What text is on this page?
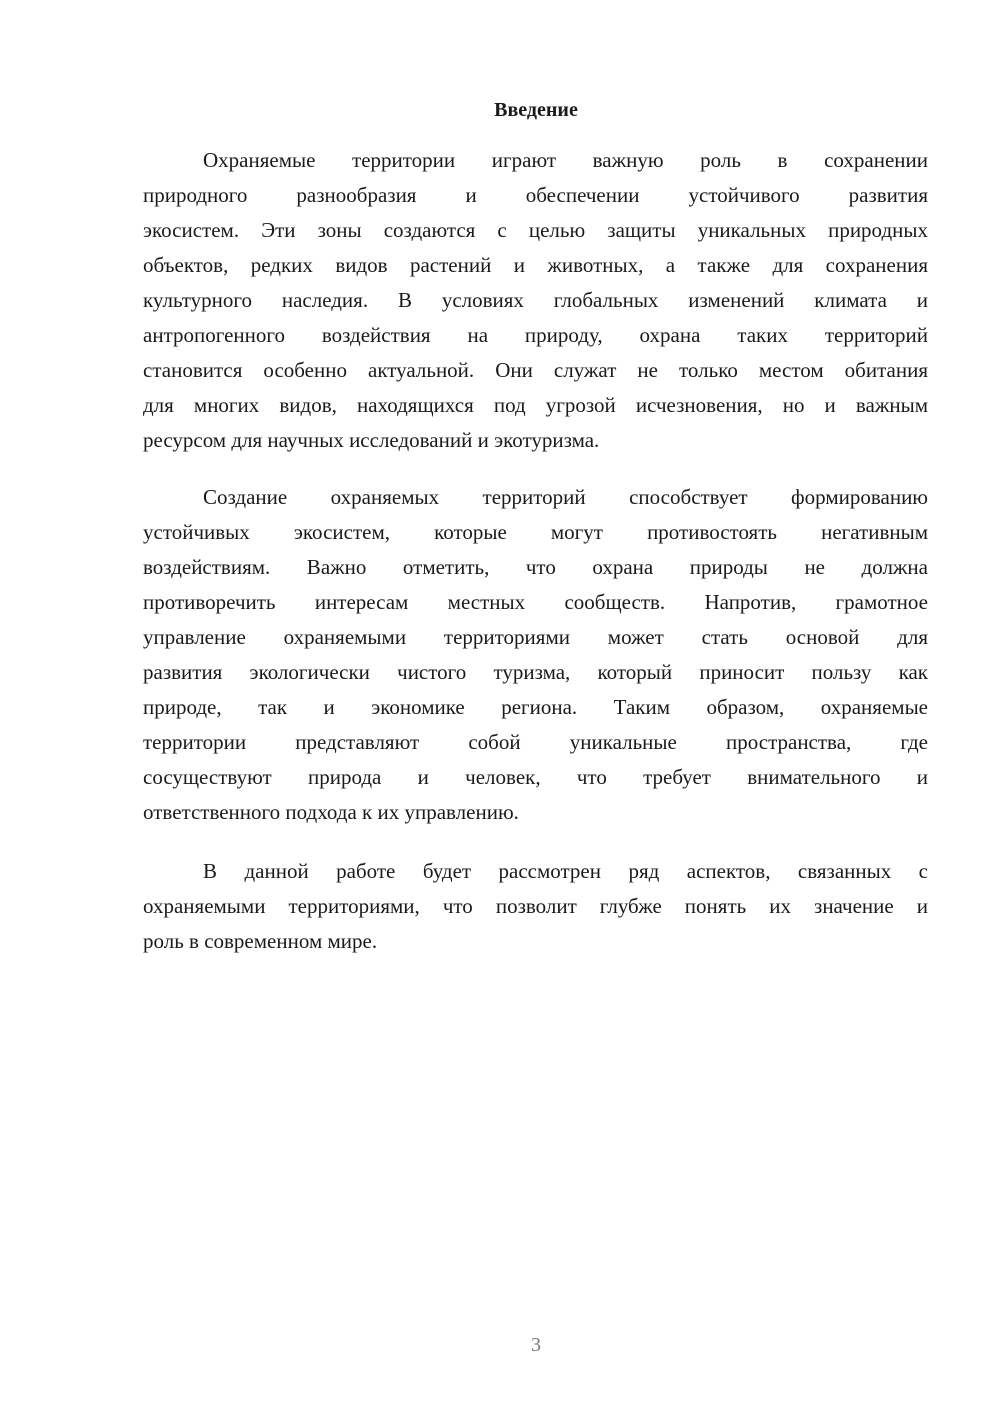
Введение
Охраняемые территории играют важную роль в сохранении
природного разнообразия и обеспечении устойчивого развития
экосистем. Эти зоны создаются с целью защиты уникальных природных
объектов, редких видов растений и животных, а также для сохранения
культурного наследия. В условиях глобальных изменений климата и
антропогенного воздействия на природу, охрана таких территорий
становится особенно актуальной. Они служат не только местом обитания
для многих видов, находящихся под угрозой исчезновения, но и важным
ресурсом для научных исследований и экотуризма.
Создание охраняемых территорий способствует формированию
устойчивых экосистем, которые могут противостоять негативным
воздействиям. Важно отметить, что охрана природы не должна
противоречить интересам местных сообществ. Напротив, грамотное
управление охраняемыми территориями может стать основой для
развития экологически чистого туризма, который приносит пользу как
природе, так и экономике региона. Таким образом, охраняемые
территории представляют собой уникальные пространства, где
сосуществуют природа и человек, что требует внимательного и
ответственного подхода к их управлению.
В данной работе будет рассмотрен ряд аспектов, связанных с
охраняемыми территориями, что позволит глубже понять их значение и
роль в современном мире.
3
